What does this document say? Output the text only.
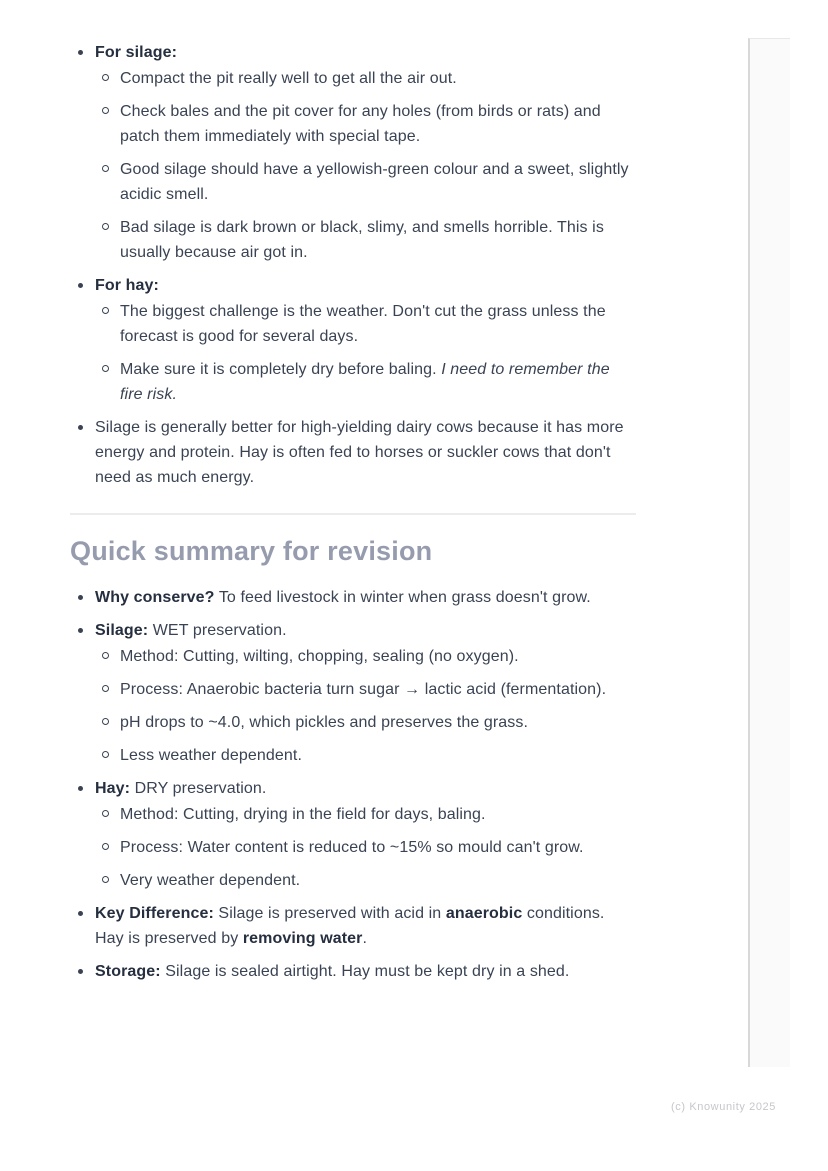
For silage:
Compact the pit really well to get all the air out.
Check bales and the pit cover for any holes (from birds or rats) and patch them immediately with special tape.
Good silage should have a yellowish-green colour and a sweet, slightly acidic smell.
Bad silage is dark brown or black, slimy, and smells horrible. This is usually because air got in.
For hay:
The biggest challenge is the weather. Don't cut the grass unless the forecast is good for several days.
Make sure it is completely dry before baling. I need to remember the fire risk.
Silage is generally better for high-yielding dairy cows because it has more energy and protein. Hay is often fed to horses or suckler cows that don't need as much energy.
Quick summary for revision
Why conserve? To feed livestock in winter when grass doesn't grow.
Silage: WET preservation.
Method: Cutting, wilting, chopping, sealing (no oxygen).
Process: Anaerobic bacteria turn sugar → lactic acid (fermentation).
pH drops to ~4.0, which pickles and preserves the grass.
Less weather dependent.
Hay: DRY preservation.
Method: Cutting, drying in the field for days, baling.
Process: Water content is reduced to ~15% so mould can't grow.
Very weather dependent.
Key Difference: Silage is preserved with acid in anaerobic conditions. Hay is preserved by removing water.
Storage: Silage is sealed airtight. Hay must be kept dry in a shed.
(c) Knowunity 2025
